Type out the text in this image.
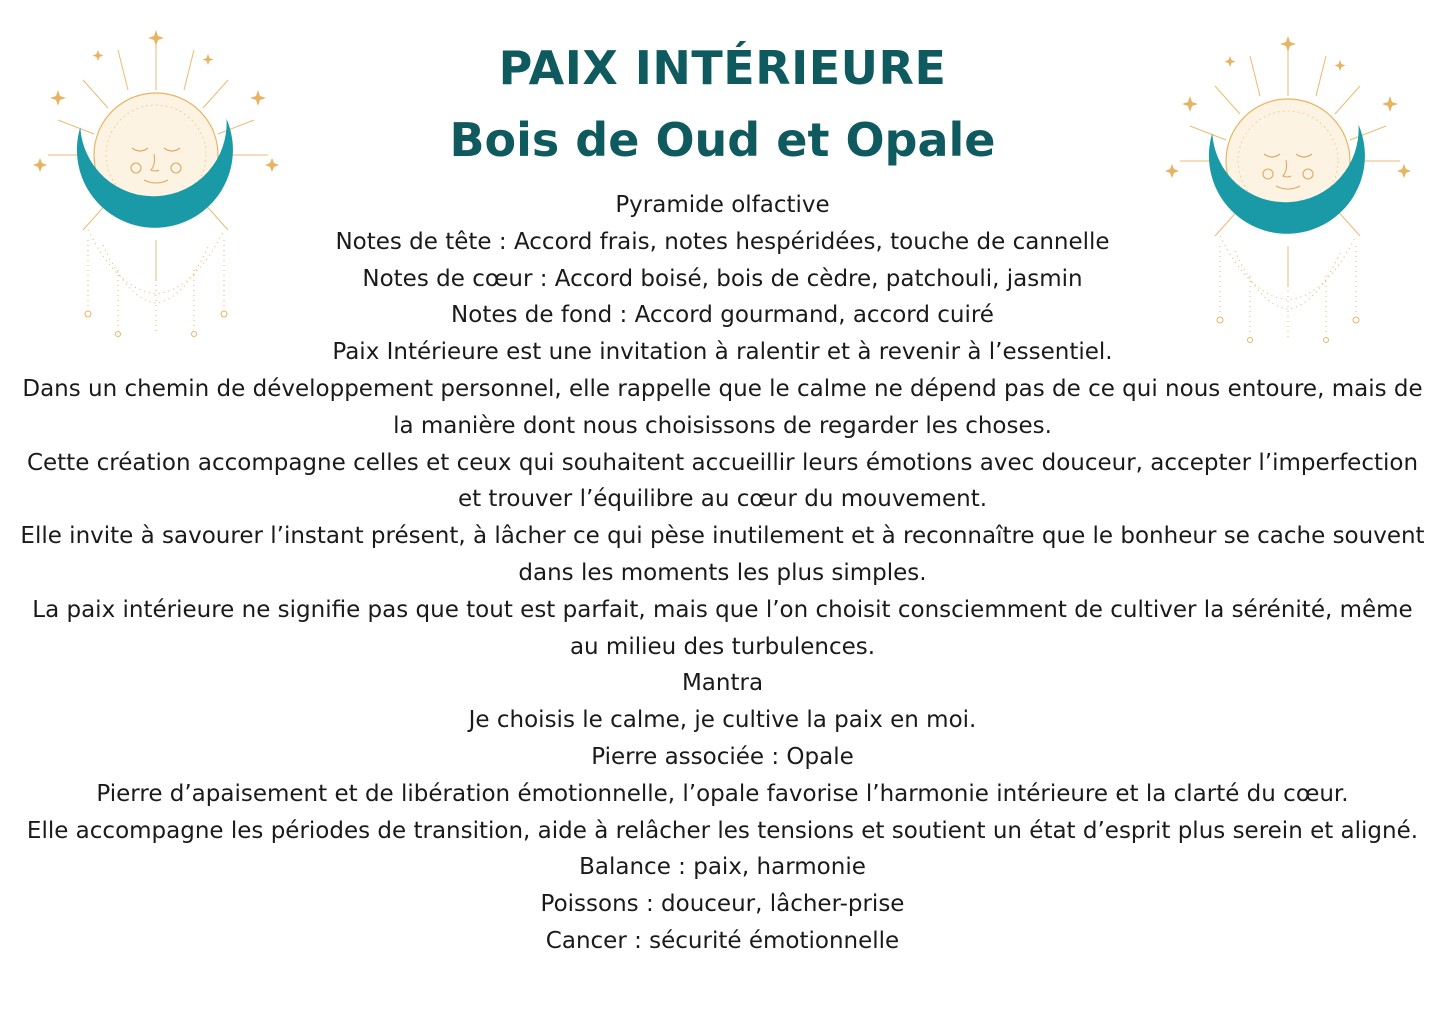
PAIX INTÉRIEURE
Bois de Oud et Opale

Pyramide olfactive

Notes de tête : Accord frais, notes hespéridées, touche de cannelle

Notes de cœur : Accord boisé, bois de cèdre, patchouli, jasmin

Notes de fond : Accord gourmand, accord cuiré

Paix Intérieure est une invitation à ralentir et à revenir à l’essentiel.

Dans un chemin de développement personnel, elle rappelle que le calme ne dépend pas de ce qui nous entoure, mais de la manière dont nous choisissons de regarder les choses.

Cette création accompagne celles et ceux qui souhaitent accueillir leurs émotions avec douceur, accepter l’imperfection et trouver l’équilibre au cœur du mouvement.

Elle invite à savourer l’instant présent, à lâcher ce qui pèse inutilement et à reconnaître que le bonheur se cache souvent dans les moments les plus simples.

La paix intérieure ne signifie pas que tout est parfait, mais que l’on choisit consciemment de cultiver la sérénité, même au milieu des turbulences.

Mantra

Je choisis le calme, je cultive la paix en moi.

Pierre associée : Opale

Pierre d’apaisement et de libération émotionnelle, l’opale favorise l’harmonie intérieure et la clarté du cœur.

Elle accompagne les périodes de transition, aide à relâcher les tensions et soutient un état d’esprit plus serein et aligné.

Balance : paix, harmonie

Poissons : douceur, lâcher-prise

Cancer : sécurité émotionnelle
